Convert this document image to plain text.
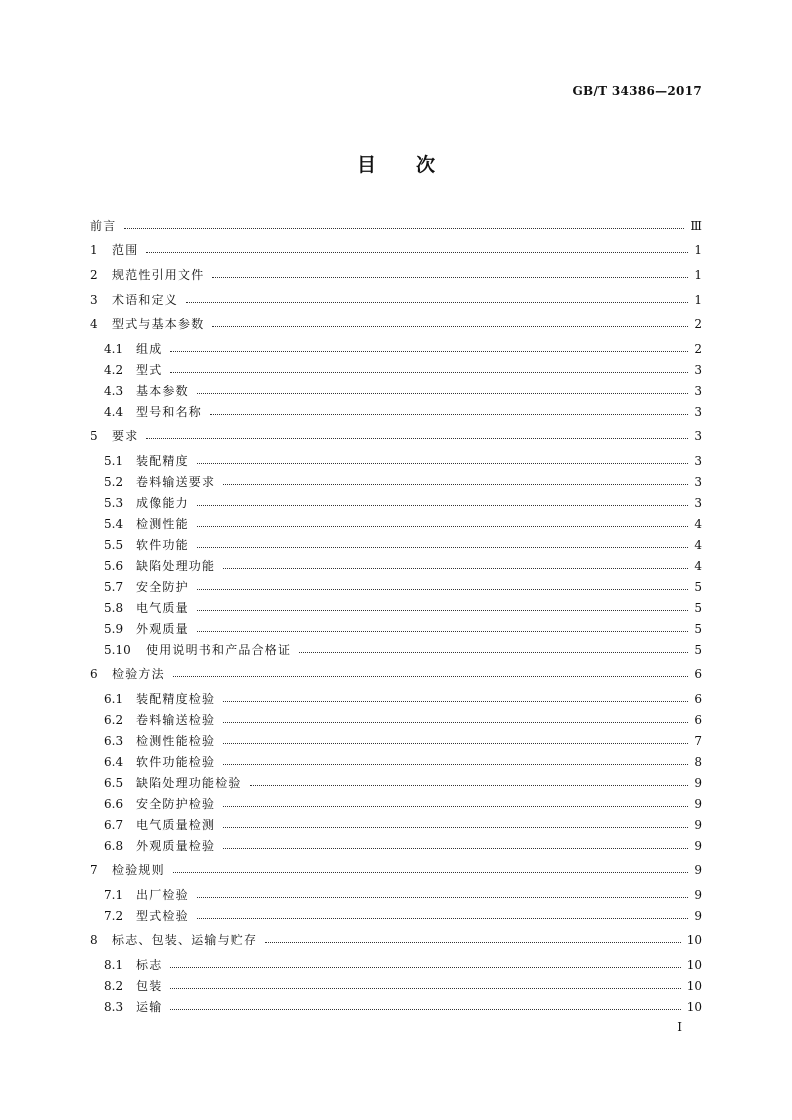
GB/T 34386—2017
目 次
前言	Ⅲ
1	范围	1
2	规范性引用文件	1
3	术语和定义	1
4	型式与基本参数	2
4.1	组成	2
4.2	型式	3
4.3	基本参数	3
4.4	型号和名称	3
5	要求	3
5.1	装配精度	3
5.2	卷料输送要求	3
5.3	成像能力	3
5.4	检测性能	4
5.5	软件功能	4
5.6	缺陷处理功能	4
5.7	安全防护	5
5.8	电气质量	5
5.9	外观质量	5
5.10	使用说明书和产品合格证	5
6	检验方法	6
6.1	装配精度检验	6
6.2	卷料输送检验	6
6.3	检测性能检验	7
6.4	软件功能检验	8
6.5	缺陷处理功能检验	9
6.6	安全防护检验	9
6.7	电气质量检测	9
6.8	外观质量检验	9
7	检验规则	9
7.1	出厂检验	9
7.2	型式检验	9
8	标志、包装、运输与贮存	10
8.1	标志	10
8.2	包装	10
8.3	运输	10
I
